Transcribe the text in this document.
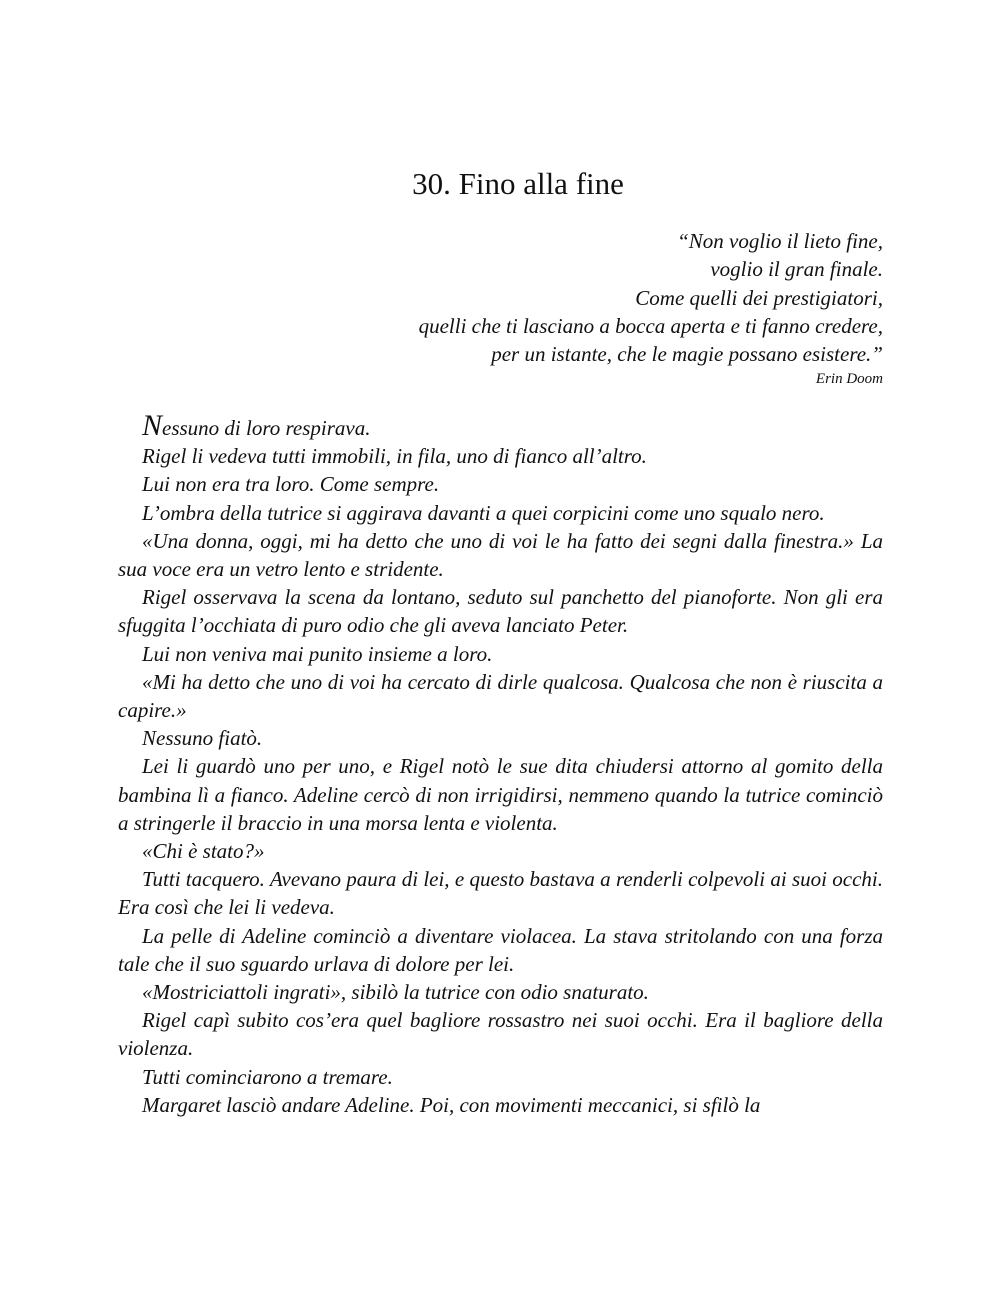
30. Fino alla fine
“Non voglio il lieto fine,
voglio il gran finale.
Come quelli dei prestigiatori,
quelli che ti lasciano a bocca aperta e ti fanno credere,
per un istante, che le magie possano esistere.”
Erin Doom

Nessuno di loro respirava.

Rigel li vedeva tutti immobili, in fila, uno di fianco all’altro.

Lui non era tra loro. Come sempre.

L’ombra della tutrice si aggirava davanti a quei corpicini come uno squalo nero.

«Una donna, oggi, mi ha detto che uno di voi le ha fatto dei segni dalla finestra.» La sua voce era un vetro lento e stridente.

Rigel osservava la scena da lontano, seduto sul panchetto del pianoforte. Non gli era sfuggita l’occhiata di puro odio che gli aveva lanciato Peter.

Lui non veniva mai punito insieme a loro.

«Mi ha detto che uno di voi ha cercato di dirle qualcosa. Qualcosa che non è riuscita a capire.»

Nessuno fiatò.

Lei li guardò uno per uno, e Rigel notò le sue dita chiudersi attorno al gomito della bambina lì a fianco. Adeline cercò di non irrigidirsi, nemmeno quando la tutrice cominciò a stringerle il braccio in una morsa lenta e violenta.

«Chi è stato?»

Tutti tacquero. Avevano paura di lei, e questo bastava a renderli colpevoli ai suoi occhi. Era così che lei li vedeva.

La pelle di Adeline cominciò a diventare violacea. La stava stritolando con una forza tale che il suo sguardo urlava di dolore per lei.

«Mostriciattoli ingrati», sibilò la tutrice con odio snaturato.

Rigel capì subito cos’era quel bagliore rossastro nei suoi occhi. Era il bagliore della violenza.

Tutti cominciarono a tremare.

Margaret lasciò andare Adeline. Poi, con movimenti meccanici, si sfilò la
